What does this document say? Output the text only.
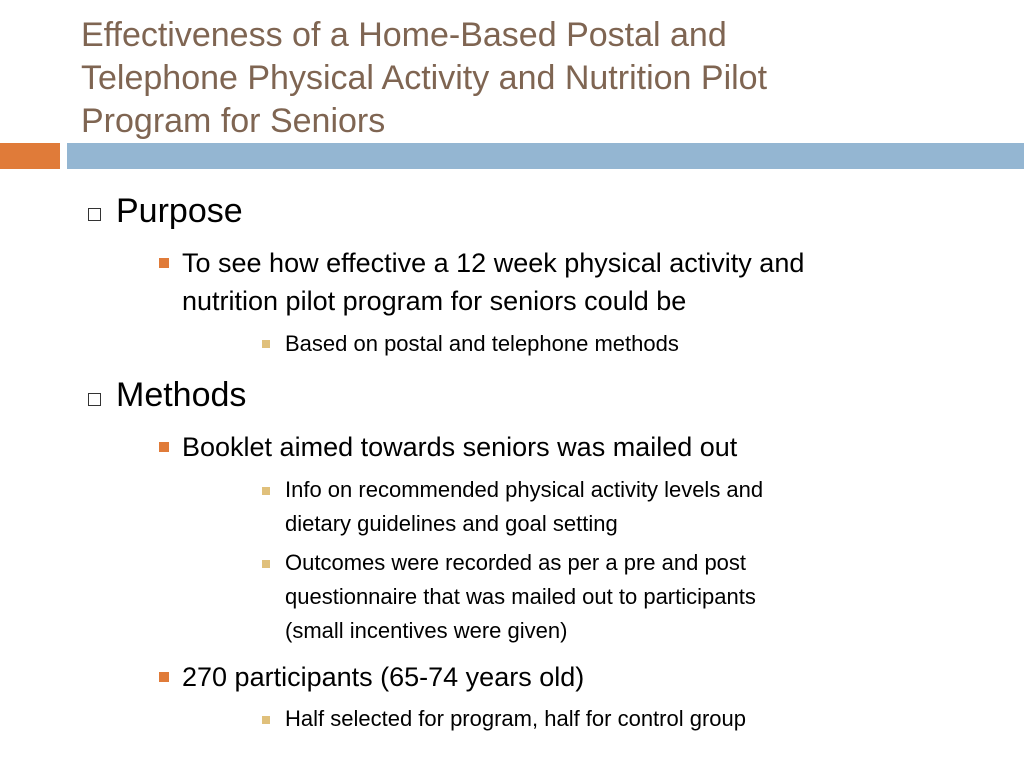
Effectiveness of a Home-Based Postal and
Telephone Physical Activity and Nutrition Pilot
Program for Seniors
Purpose
To see how effective a 12 week physical activity and
nutrition pilot program for seniors could be
Based on postal and telephone methods
Methods
Booklet aimed towards seniors was mailed out
Info on recommended physical activity levels and
dietary guidelines and goal setting
Outcomes were recorded as per a pre and post
questionnaire that was mailed out to participants
(small incentives were given)
270 participants (65-74 years old)
Half selected for program, half for control group
